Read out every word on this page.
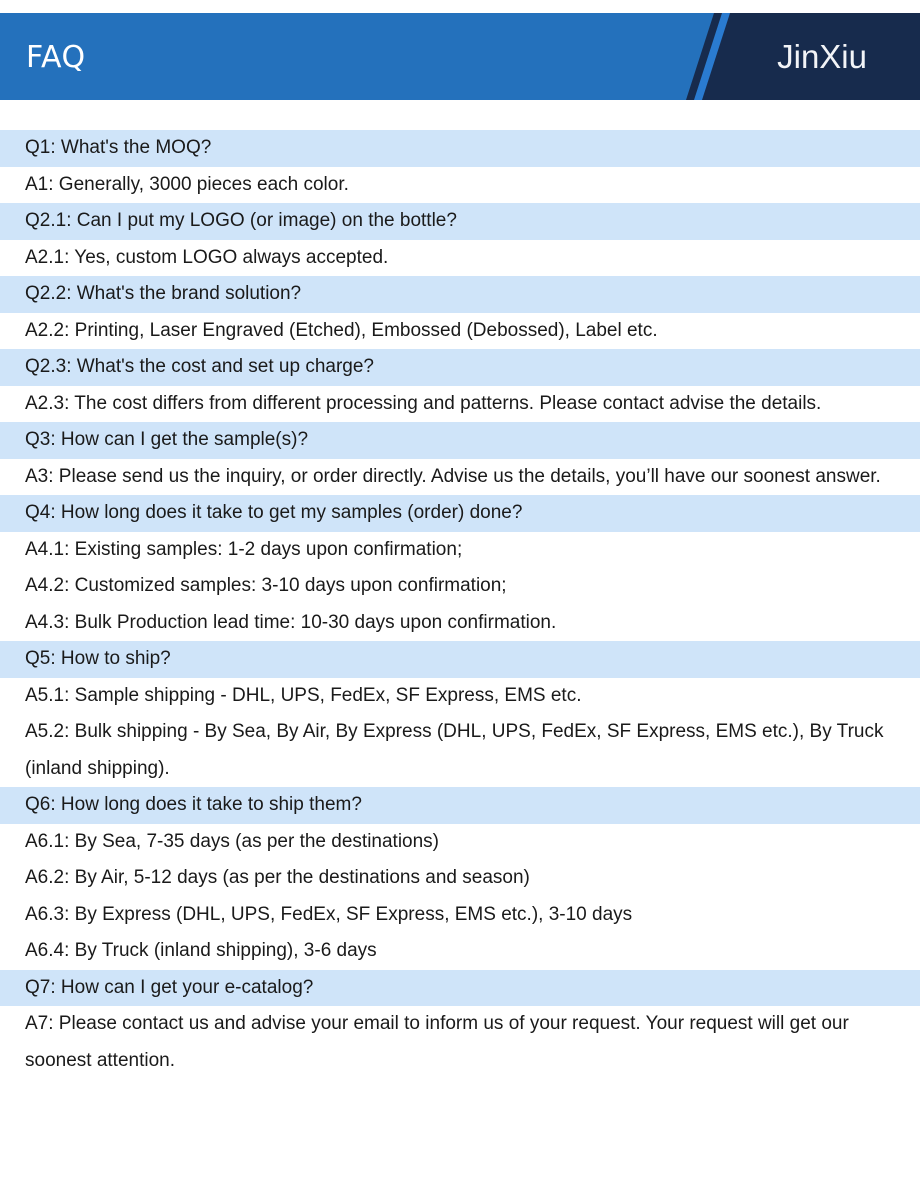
FAQ	JinXiu
Q1: What's the MOQ?
A1: Generally, 3000 pieces each color.
Q2.1: Can I put my LOGO (or image) on the bottle?
A2.1: Yes, custom LOGO always accepted.
Q2.2: What's the brand solution?
A2.2: Printing, Laser Engraved (Etched), Embossed (Debossed), Label etc.
Q2.3: What's the cost and set up charge?
A2.3: The cost differs from different processing and patterns. Please contact advise the details.
Q3: How can I get the sample(s)?
A3: Please send us the inquiry, or order directly. Advise us the details, you’ll have our soonest answer.
Q4: How long does it take to get my samples (order) done?
A4.1: Existing samples: 1-2 days upon confirmation;
A4.2: Customized samples: 3-10 days upon confirmation;
A4.3: Bulk Production lead time: 10-30 days upon confirmation.
Q5: How to ship?
A5.1: Sample shipping - DHL, UPS, FedEx, SF Express, EMS etc.
A5.2: Bulk shipping - By Sea, By Air, By Express (DHL, UPS, FedEx, SF Express, EMS etc.), By Truck (inland shipping).
Q6: How long does it take to ship them?
A6.1: By Sea, 7-35 days (as per the destinations)
A6.2: By Air, 5-12 days (as per the destinations and season)
A6.3: By Express (DHL, UPS, FedEx, SF Express, EMS etc.), 3-10 days
A6.4: By Truck (inland shipping), 3-6 days
Q7: How can I get your e-catalog?
A7: Please contact us and advise your email to inform us of your request. Your request will get our soonest attention.
